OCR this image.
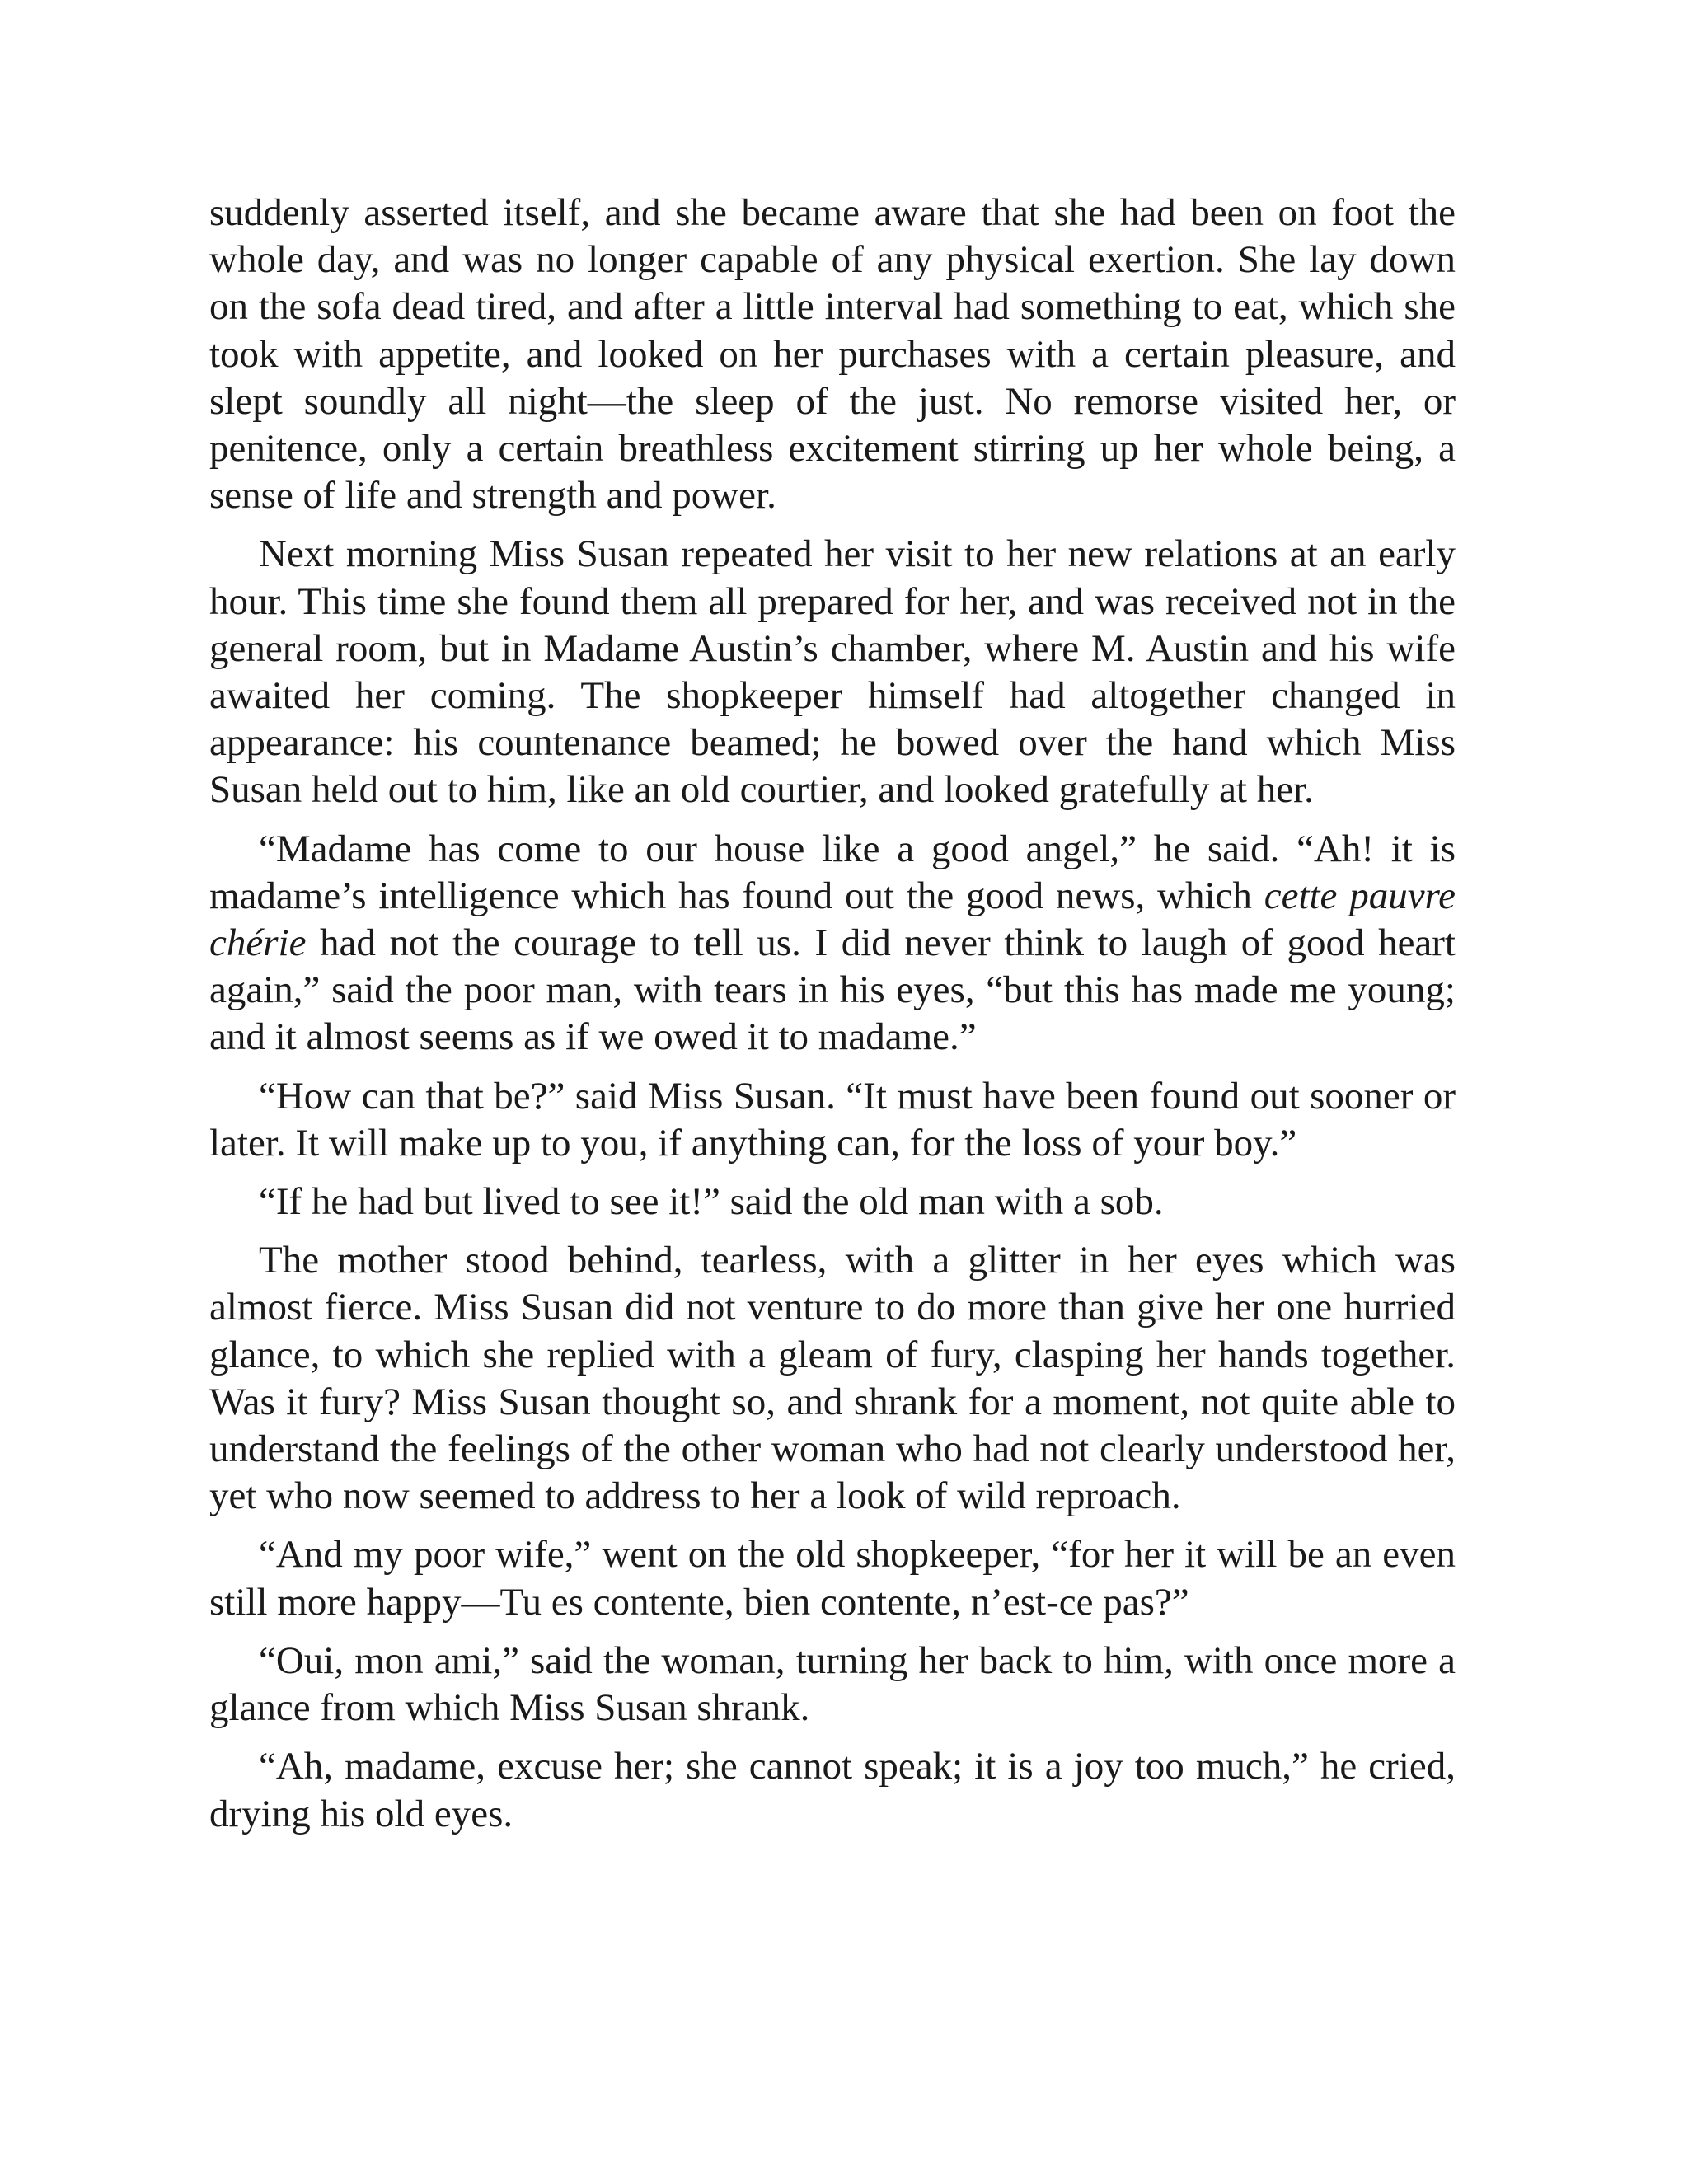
suddenly asserted itself, and she became aware that she had been on foot the whole day, and was no longer capable of any physical exertion. She lay down on the sofa dead tired, and after a little interval had something to eat, which she took with appetite, and looked on her purchases with a certain pleasure, and slept soundly all night—the sleep of the just. No remorse visited her, or penitence, only a certain breathless excitement stirring up her whole being, a sense of life and strength and power.

Next morning Miss Susan repeated her visit to her new relations at an early hour. This time she found them all prepared for her, and was received not in the general room, but in Madame Austin’s chamber, where M. Austin and his wife awaited her coming. The shopkeeper himself had altogether changed in appearance: his countenance beamed; he bowed over the hand which Miss Susan held out to him, like an old courtier, and looked gratefully at her.

“Madame has come to our house like a good angel,” he said. “Ah! it is madame’s intelligence which has found out the good news, which cette pauvre chérie had not the courage to tell us. I did never think to laugh of good heart again,” said the poor man, with tears in his eyes, “but this has made me young; and it almost seems as if we owed it to madame.”

“How can that be?” said Miss Susan. “It must have been found out sooner or later. It will make up to you, if anything can, for the loss of your boy.”

“If he had but lived to see it!” said the old man with a sob.

The mother stood behind, tearless, with a glitter in her eyes which was almost fierce. Miss Susan did not venture to do more than give her one hurried glance, to which she replied with a gleam of fury, clasping her hands together. Was it fury? Miss Susan thought so, and shrank for a moment, not quite able to understand the feelings of the other woman who had not clearly understood her, yet who now seemed to address to her a look of wild reproach.

“And my poor wife,” went on the old shopkeeper, “for her it will be an even still more happy—Tu es contente, bien contente, n’est-ce pas?”

“Oui, mon ami,” said the woman, turning her back to him, with once more a glance from which Miss Susan shrank.

“Ah, madame, excuse her; she cannot speak; it is a joy too much,” he cried, drying his old eyes.
